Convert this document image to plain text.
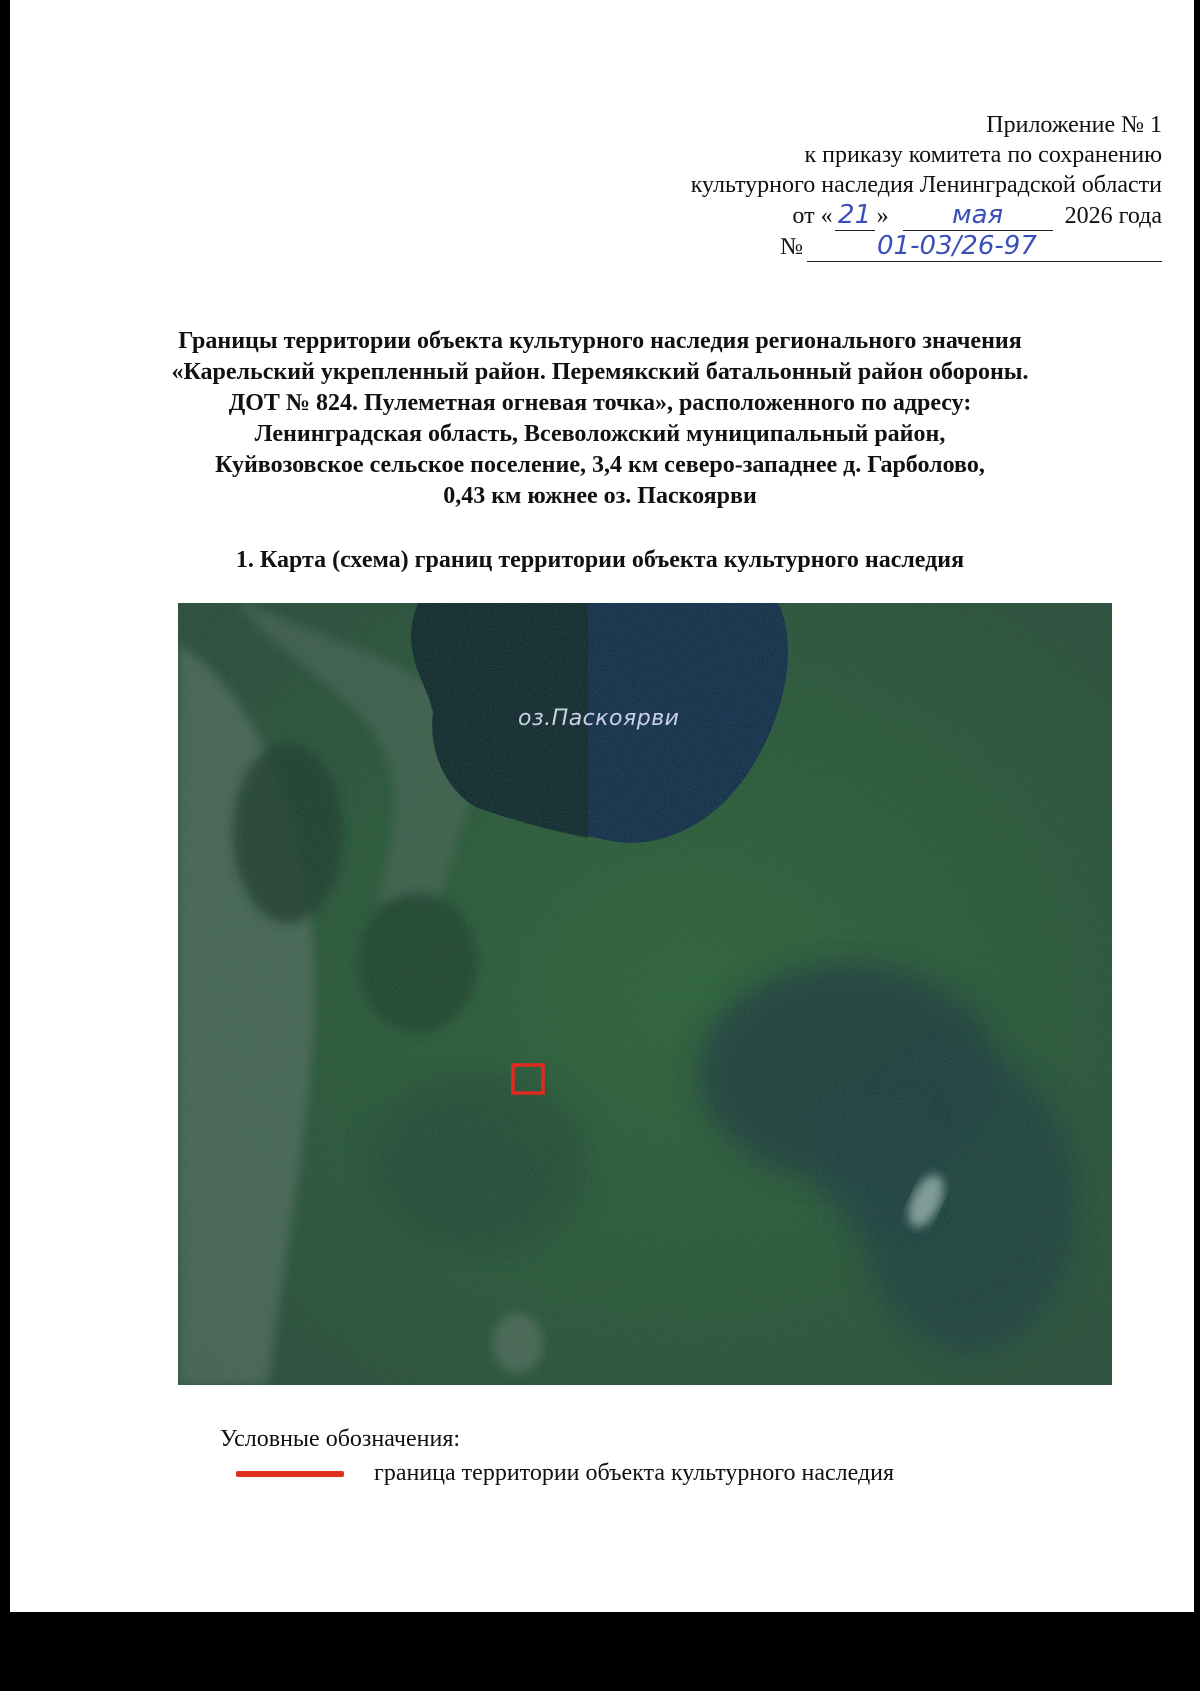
Приложение № 1
к приказу комитета по сохранению
культурного наследия Ленинградской области
от « 21 »	мая	2026 года
№	01-03/26-97
Границы территории объекта культурного наследия регионального значения
«Карельский укрепленный район. Перемякский батальонный район обороны.
ДОТ № 824. Пулеметная огневая точка», расположенного по адресу:
Ленинградская область, Всеволожский муниципальный район,
Куйвозовское сельское поселение, 3,4 км северо-западнее д. Гарболово,
0,43 км южнее оз. Паскоярви
1. Карта (схема) границ территории объекта культурного наследия
оз.Паскоярви
Условные обозначения:
граница территории объекта культурного наследия
